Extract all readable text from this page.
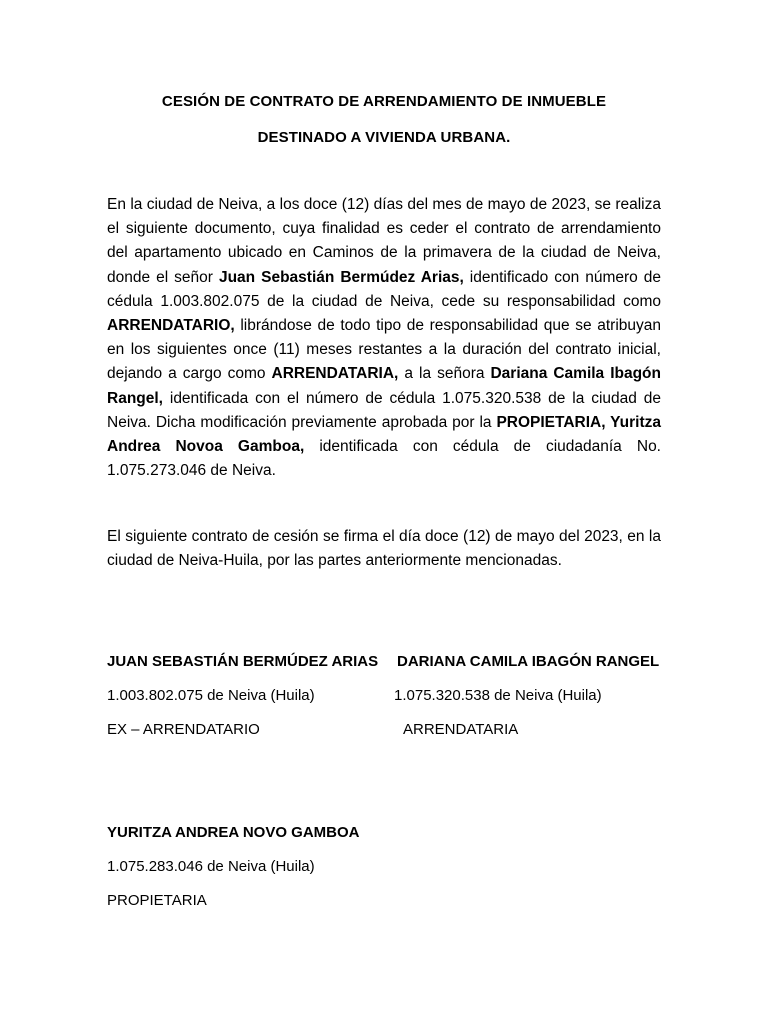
CESIÓN DE CONTRATO DE ARRENDAMIENTO DE INMUEBLE
DESTINADO A VIVIENDA URBANA.
En la ciudad de Neiva, a los doce (12) días del mes de mayo de 2023, se realiza el siguiente documento, cuya finalidad es ceder el contrato de arrendamiento del apartamento ubicado en Caminos de la primavera de la ciudad de Neiva, donde el señor Juan Sebastián Bermúdez Arias, identificado con número de cédula 1.003.802.075 de la ciudad de Neiva, cede su responsabilidad como ARRENDATARIO, librándose de todo tipo de responsabilidad que se atribuyan en los siguientes once (11) meses restantes a la duración del contrato inicial, dejando a cargo como ARRENDATARIA, a la señora Dariana Camila Ibagón Rangel, identificada con el número de cédula 1.075.320.538 de la ciudad de Neiva. Dicha modificación previamente aprobada por la PROPIETARIA, Yuritza Andrea Novoa Gamboa, identificada con cédula de ciudadanía No. 1.075.273.046 de Neiva.
El siguiente contrato de cesión se firma el día doce (12) de mayo del 2023, en la ciudad de Neiva-Huila, por las partes anteriormente mencionadas.
JUAN SEBASTIÁN BERMÚDEZ ARIAS
1.003.802.075 de Neiva (Huila)
EX – ARRENDATARIO
DARIANA CAMILA IBAGÓN RANGEL
1.075.320.538 de Neiva (Huila)
ARRENDATARIA
YURITZA ANDREA NOVO GAMBOA
1.075.283.046 de Neiva (Huila)
PROPIETARIA
